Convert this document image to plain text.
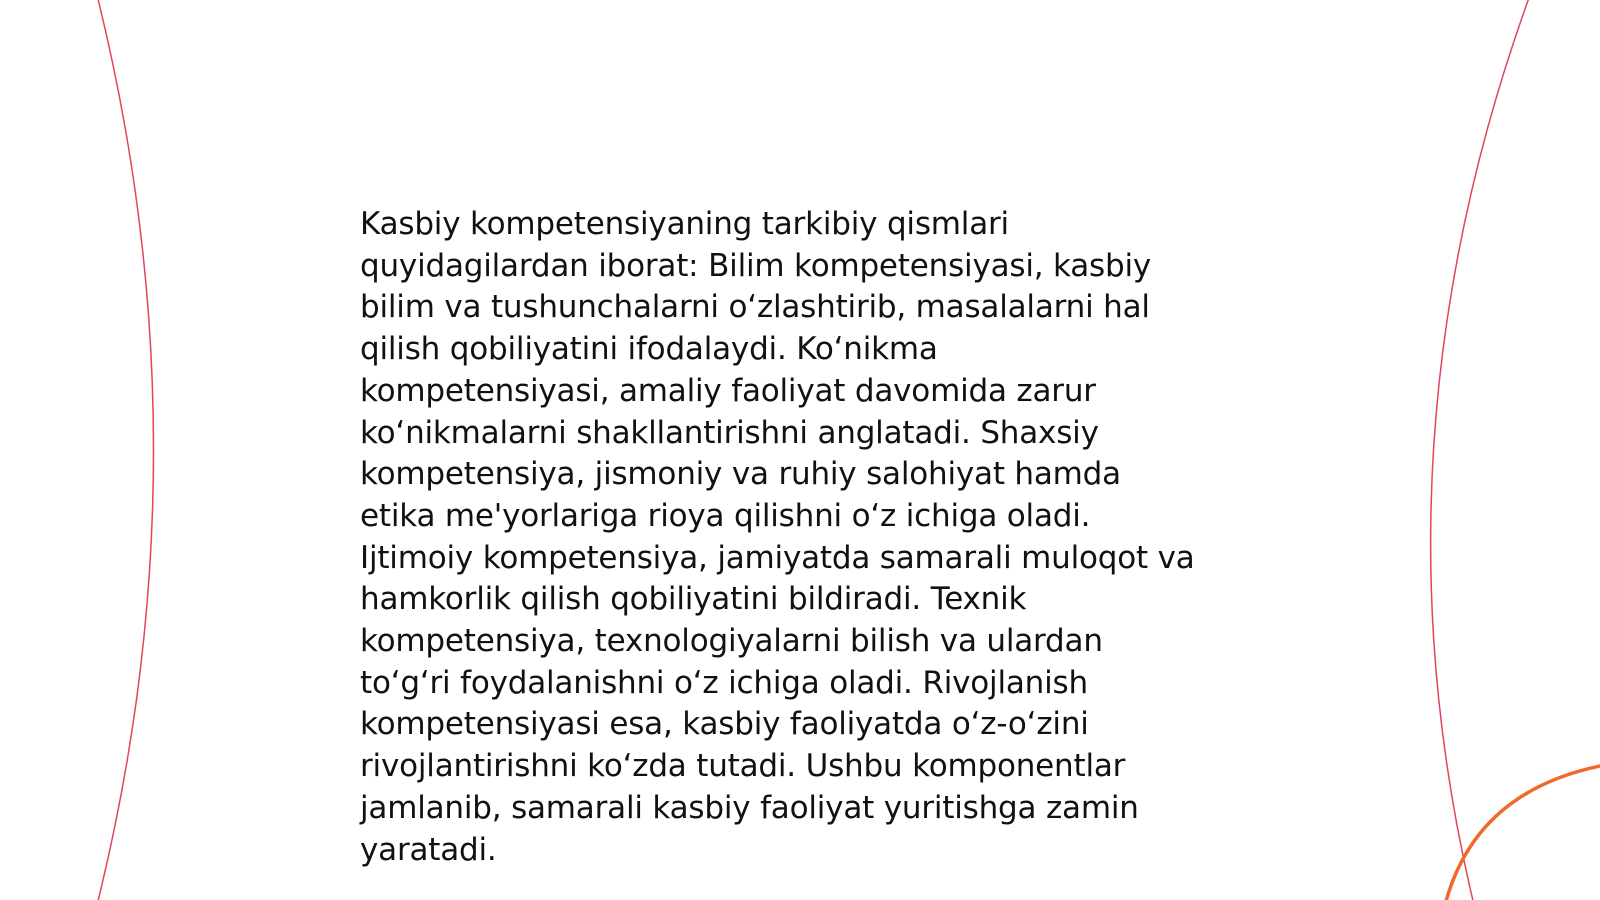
Kasbiy kompetensiyaning tarkibiy qismlari
quyidagilardan iborat: Bilim kompetensiyasi, kasbiy
bilim va tushunchalarni o‘zlashtirib, masalalarni hal
qilish qobiliyatini ifodalaydi. Ko‘nikma
kompetensiyasi, amaliy faoliyat davomida zarur
ko‘nikmalarni shakllantirishni anglatadi. Shaxsiy
kompetensiya, jismoniy va ruhiy salohiyat hamda
etika me'yorlariga rioya qilishni o‘z ichiga oladi.
Ijtimoiy kompetensiya, jamiyatda samarali muloqot va
hamkorlik qilish qobiliyatini bildiradi. Texnik
kompetensiya, texnologiyalarni bilish va ulardan
to‘g‘ri foydalanishni o‘z ichiga oladi. Rivojlanish
kompetensiyasi esa, kasbiy faoliyatda o‘z-o‘zini
rivojlantirishni ko‘zda tutadi. Ushbu komponentlar
jamlanib, samarali kasbiy faoliyat yuritishga zamin
yaratadi.
